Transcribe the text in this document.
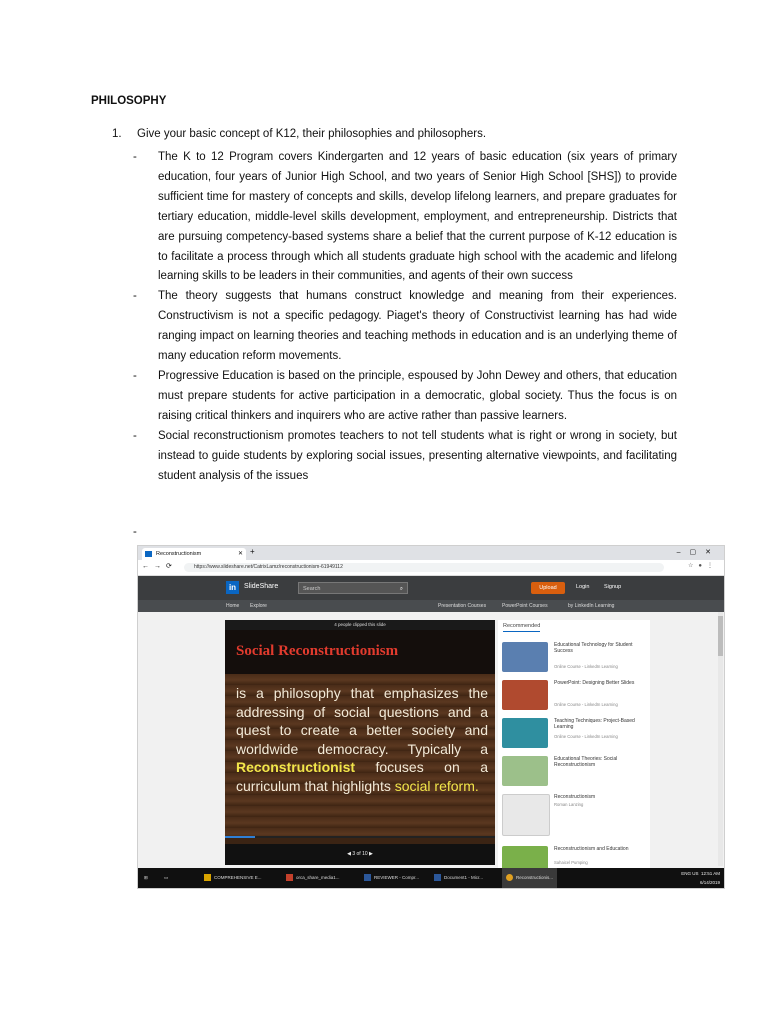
PHILOSOPHY
1. Give your basic concept of K12, their philosophies and philosophers.
- The K to 12 Program covers Kindergarten and 12 years of basic education (six years of primary education, four years of Junior High School, and two years of Senior High School [SHS]) to provide sufficient time for mastery of concepts and skills, develop lifelong learners, and prepare graduates for tertiary education, middle-level skills development, employment, and entrepreneurship. Districts that are pursuing competency-based systems share a belief that the current purpose of K-12 education is to facilitate a process through which all students graduate high school with the academic and lifelong learning skills to be leaders in their communities, and agents of their own success
- The theory suggests that humans construct knowledge and meaning from their experiences. Constructivism is not a specific pedagogy. Piaget's theory of Constructivist learning has had wide ranging impact on learning theories and teaching methods in education and is an underlying theme of many education reform movements.
- Progressive Education is based on the principle, espoused by John Dewey and others, that education must prepare students for active participation in a democratic, global society. Thus the focus is on raising critical thinkers and inquirers who are active rather than passive learners.
- Social reconstructionism promotes teachers to not tell students what is right or wrong in society, but instead to guide students by exploring social issues, presenting alternative viewpoints, and facilitating student analysis of the issues
-
Reconstructionism	✕ +	–▢✕
←→⟳	https://www.slideshare.net/CatrixLamz/reconstructionism-61949112	☆●⋮
in	SlideShare	Search	⌕	Upload	Login	Signup
Home Explore	Presentation Courses	PowerPoint Courses	by LinkedIn Learning
4 people clipped this slide
Social Reconstructionism
is a philosophy that emphasizes the addressing of social questions and a quest to create a better society and worldwide democracy. Typically a Reconstructionist focuses on a curriculum that highlights social reform.
◀ 3 of 10 ▶
Recommended
Educational Technology for Student Success
Online Course - LinkedIn Learning
PowerPoint: Designing Better Slides
Online Course - LinkedIn Learning
Teaching Techniques: Project-Based Learning
Online Course - LinkedIn Learning
Educational Theories: Social Reconstructionism
Reconstructionism
Roman Lanzing
Reconstructionism and Education
Sahaicel Pumping
⊞	▭	COMPREHENSIVE E...	orca_share_media1...	REVIEWER - Compr...	Document1 - Micr...	Reconstructionis...
ENG US 12:51 AM
6/14/2019
